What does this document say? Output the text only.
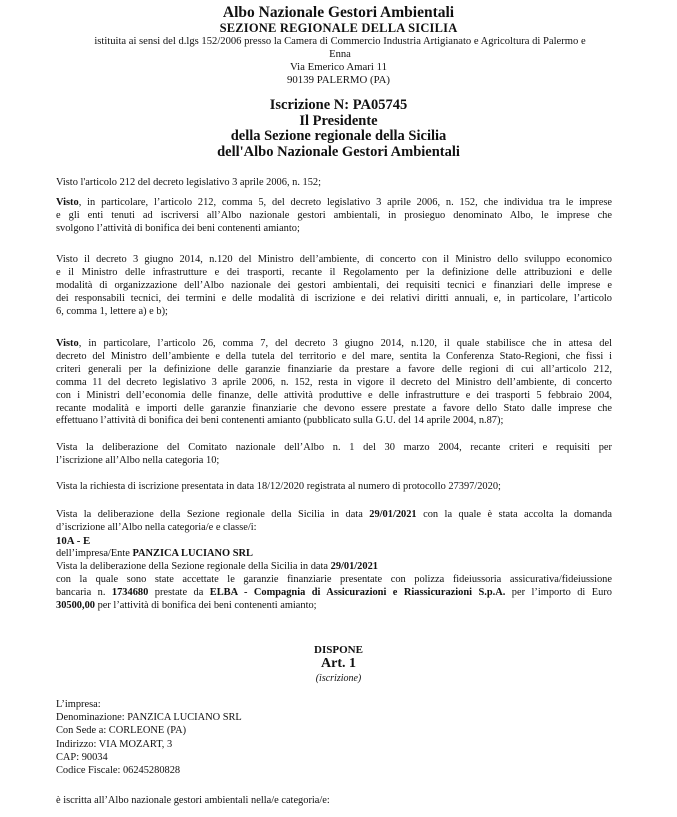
Albo Nazionale Gestori Ambientali
SEZIONE REGIONALE DELLA SICILIA
istituita ai sensi del d.lgs 152/2006 presso la Camera di Commercio Industria Artigianato e Agricoltura di Palermo e
Enna
Via Emerico Amari 11
90139 PALERMO (PA)
Iscrizione N: PA05745
Il Presidente
della Sezione regionale della Sicilia
dell'Albo Nazionale Gestori Ambientali
Visto l'articolo 212 del decreto legislativo 3 aprile 2006, n. 152;
Visto, in particolare, l’articolo 212, comma 5, del decreto legislativo 3 aprile 2006, n. 152, che individua tra le imprese
e gli enti tenuti ad iscriversi all’Albo nazionale gestori ambientali, in prosieguo denominato Albo, le imprese che
svolgono l’attività di bonifica dei beni contenenti amianto;
Visto il decreto 3 giugno 2014, n.120 del Ministro dell’ambiente, di concerto con il Ministro dello sviluppo economico
e il Ministro delle infrastrutture e dei trasporti, recante il Regolamento per la definizione delle attribuzioni e delle
modalità di organizzazione dell’Albo nazionale dei gestori ambientali, dei requisiti tecnici e finanziari delle imprese e
dei responsabili tecnici, dei termini e delle modalità di iscrizione e dei relativi diritti annuali, e, in particolare, l’articolo
6, comma 1, lettere a) e b);
Visto, in particolare, l’articolo 26, comma 7, del decreto 3 giugno 2014, n.120, il quale stabilisce che in attesa del
decreto del Ministro dell’ambiente e della tutela del territorio e del mare, sentita la Conferenza Stato-Regioni, che fissi i
criteri generali per la definizione delle garanzie finanziarie da prestare a favore delle regioni di cui all’articolo 212,
comma 11 del decreto legislativo 3 aprile 2006, n. 152, resta in vigore il decreto del Ministro dell’ambiente, di concerto
con i Ministri dell’economia delle finanze, delle attività produttive e delle infrastrutture e dei trasporti 5 febbraio 2004,
recante modalità e importi delle garanzie finanziarie che devono essere prestate a favore dello Stato dalle imprese che
effettuano l’attività di bonifica dei beni contenenti amianto (pubblicato sulla G.U. del 14 aprile 2004, n.87);
Vista la deliberazione del Comitato nazionale dell’Albo n. 1 del 30 marzo 2004, recante criteri e requisiti per
l’iscrizione all’Albo nella categoria 10;
Vista la richiesta di iscrizione presentata in data 18/12/2020 registrata al numero di protocollo 27397/2020;
Vista la deliberazione della Sezione regionale della Sicilia in data 29/01/2021 con la quale è stata accolta la domanda
d’iscrizione all’Albo nella categoria/e e classe/i:
10A - E
dell’impresa/Ente PANZICA LUCIANO SRL
Vista la deliberazione della Sezione regionale della Sicilia in data 29/01/2021
con la quale sono state accettate le garanzie finanziarie presentate con polizza fideiussoria assicurativa/fideiussione
bancaria n. 1734680 prestate da ELBA - Compagnia di Assicurazioni e Riassicurazioni S.p.A. per l’importo di Euro
30500,00 per l’attività di bonifica dei beni contenenti amianto;
DISPONE
Art. 1
(iscrizione)
L’impresa:
Denominazione: PANZICA LUCIANO SRL
Con Sede a: CORLEONE (PA)
Indirizzo: VIA MOZART, 3
CAP: 90034
Codice Fiscale: 06245280828
è iscritta all’Albo nazionale gestori ambientali nella/e categoria/e:
